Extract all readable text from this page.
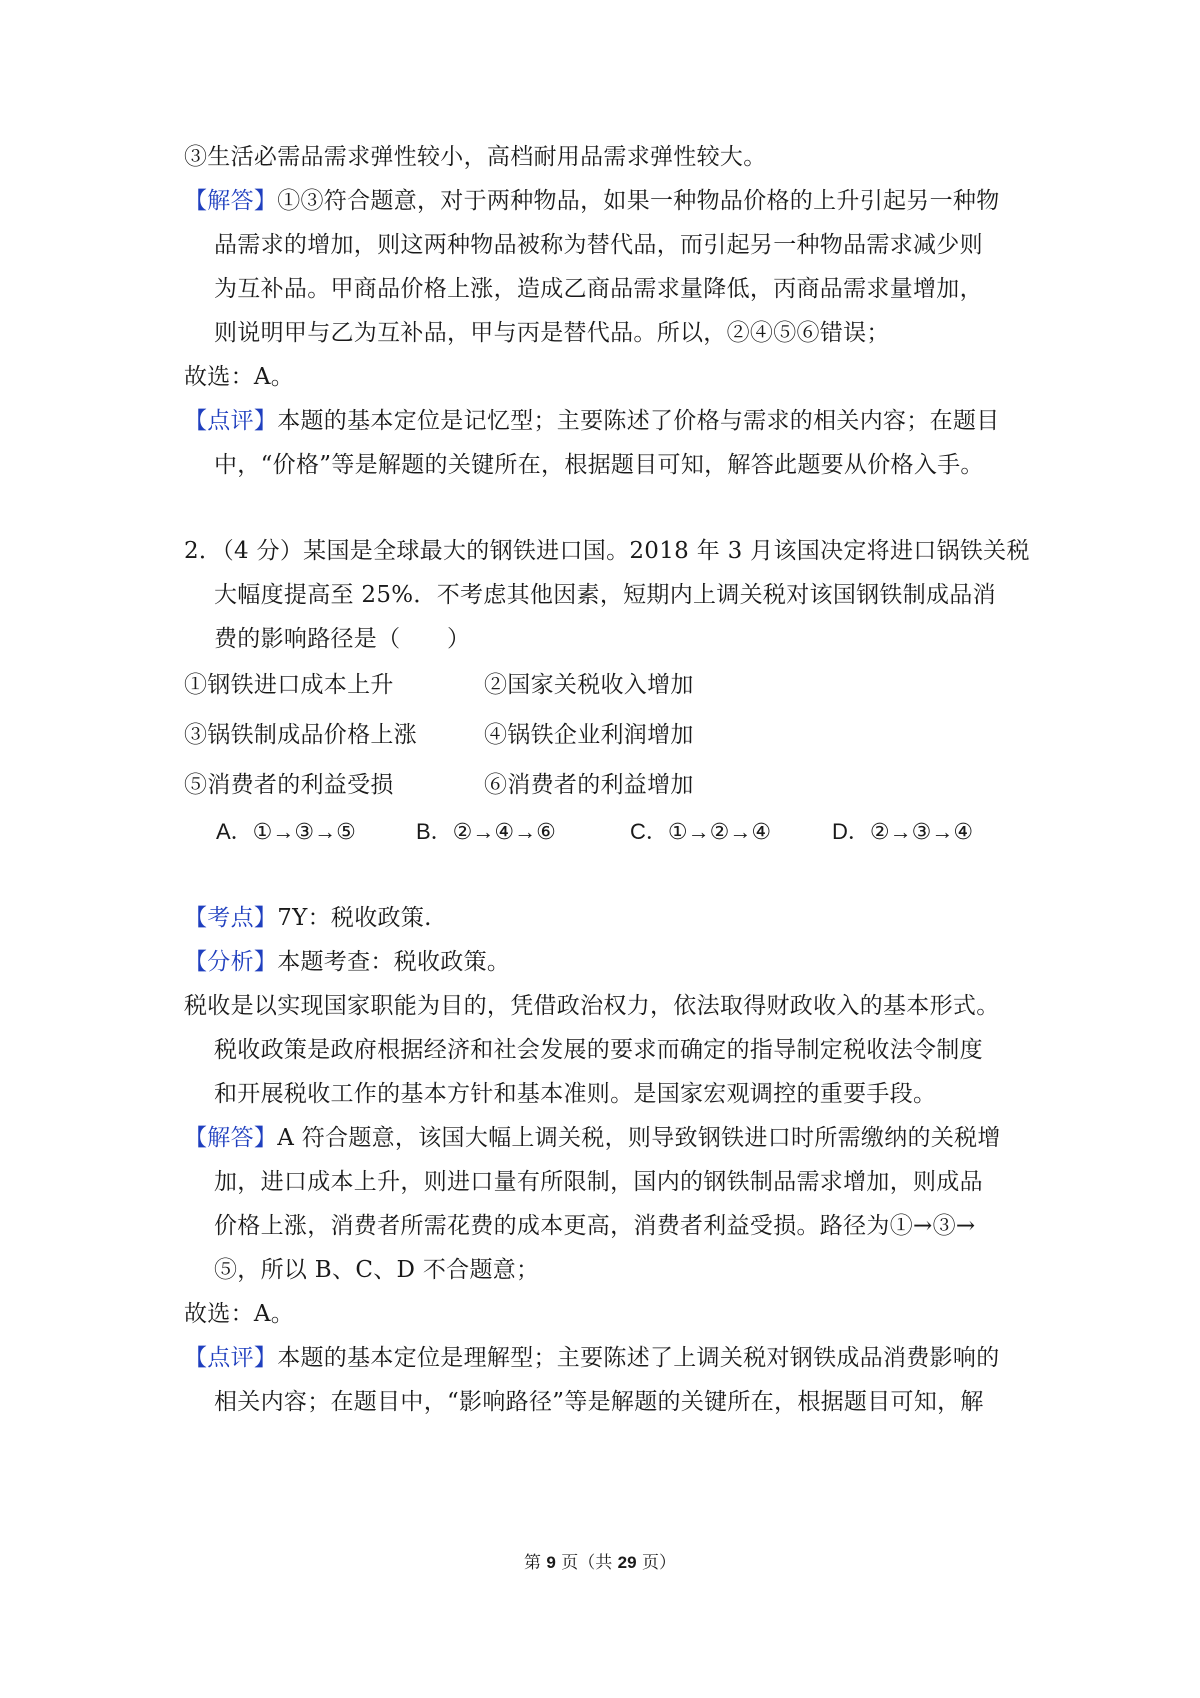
③生活必需品需求弹性较小，高档耐用品需求弹性较大。
【解答】①③符合题意，对于两种物品，如果一种物品价格的上升引起另一种物
品需求的增加，则这两种物品被称为替代品，而引起另一种物品需求减少则
为互补品。甲商品价格上涨，造成乙商品需求量降低，丙商品需求量增加，
则说明甲与乙为互补品，甲与丙是替代品。所以，②④⑤⑥错误；
故选：A。
【点评】本题的基本定位是记忆型；主要陈述了价格与需求的相关内容；在题目
中，“价格”等是解题的关键所在，根据题目可知，解答此题要从价格入手。
2．（4 分）某国是全球最大的钢铁进口国。2018 年 3 月该国决定将进口锅铁关税
大幅度提高至 25%．不考虑其他因素，短期内上调关税对该国钢铁制成品消
费的影响路径是（　　）
①钢铁进口成本上升	②国家关税收入增加
③锅铁制成品价格上涨	④锅铁企业利润增加
⑤消费者的利益受损	⑥消费者的利益增加
A．①→③→⑤	B．②→④→⑥	C．①→②→④	D．②→③→④
【考点】7Y：税收政策.
【分析】本题考查：税收政策。
税收是以实现国家职能为目的，凭借政治权力，依法取得财政收入的基本形式。
税收政策是政府根据经济和社会发展的要求而确定的指导制定税收法令制度
和开展税收工作的基本方针和基本准则。是国家宏观调控的重要手段。
【解答】A 符合题意，该国大幅上调关税，则导致钢铁进口时所需缴纳的关税增
加，进口成本上升，则进口量有所限制，国内的钢铁制品需求增加，则成品
价格上涨，消费者所需花费的成本更高，消费者利益受损。路径为①→③→
⑤，所以 B、C、D 不合题意；
故选：A。
【点评】本题的基本定位是理解型；主要陈述了上调关税对钢铁成品消费影响的
相关内容；在题目中，“影响路径”等是解题的关键所在，根据题目可知，解
第 9 页（共 29 页）
